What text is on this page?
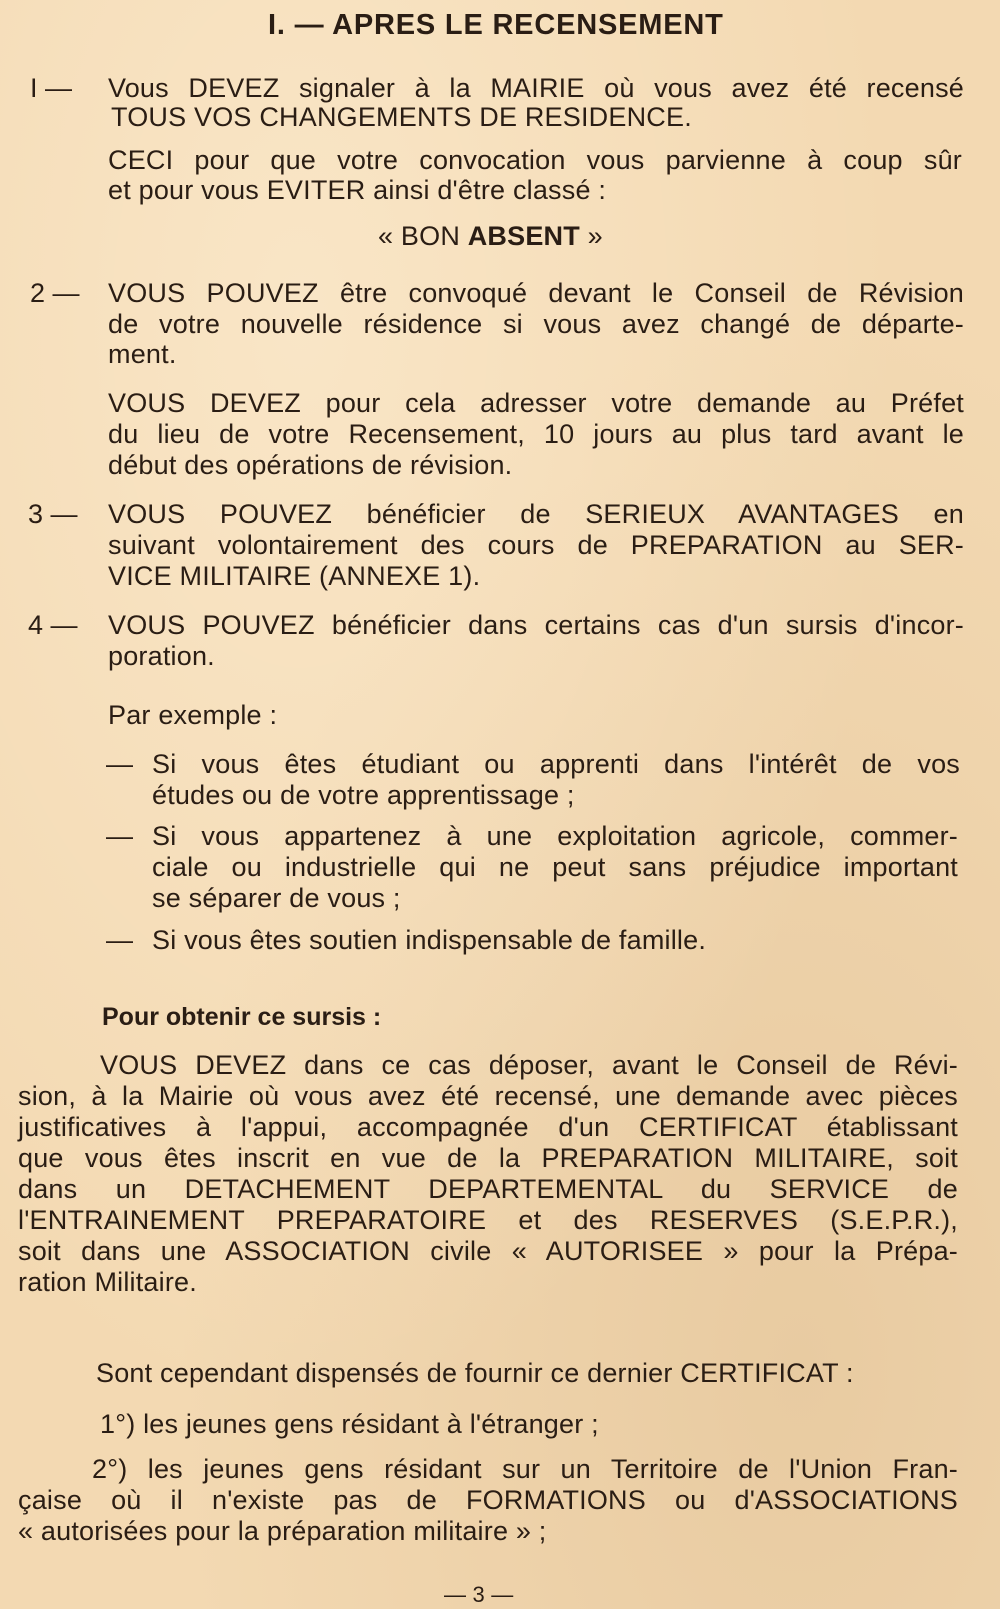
I. — APRES LE RECENSEMENT
I — Vous DEVEZ signaler à la MAIRIE où vous avez été recensé
TOUS VOS CHANGEMENTS DE RESIDENCE.
CECI pour que votre convocation vous parvienne à coup sûr
et pour vous EVITER ainsi d'être classé :
« BON ABSENT »
2 — VOUS POUVEZ être convoqué devant le Conseil de Révision
de votre nouvelle résidence si vous avez changé de départe-
ment.
VOUS DEVEZ pour cela adresser votre demande au Préfet
du lieu de votre Recensement, 10 jours au plus tard avant le
début des opérations de révision.
3 — VOUS POUVEZ bénéficier de SERIEUX AVANTAGES en
suivant volontairement des cours de PREPARATION au SER-
VICE MILITAIRE (ANNEXE 1).
4 — VOUS POUVEZ bénéficier dans certains cas d'un sursis d'incor-
poration.
Par exemple :
— Si vous êtes étudiant ou apprenti dans l'intérêt de vos
études ou de votre apprentissage ;
— Si vous appartenez à une exploitation agricole, commer-
ciale ou industrielle qui ne peut sans préjudice important
se séparer de vous ;
— Si vous êtes soutien indispensable de famille.
Pour obtenir ce sursis :
VOUS DEVEZ dans ce cas déposer, avant le Conseil de Révi-
sion, à la Mairie où vous avez été recensé, une demande avec pièces
justificatives à l'appui, accompagnée d'un CERTIFICAT établissant
que vous êtes inscrit en vue de la PREPARATION MILITAIRE, soit
dans un DETACHEMENT DEPARTEMENTAL du SERVICE de
l'ENTRAINEMENT PREPARATOIRE et des RESERVES (S.E.P.R.),
soit dans une ASSOCIATION civile « AUTORISEE » pour la Prépa-
ration Militaire.
Sont cependant dispensés de fournir ce dernier CERTIFICAT :
1°) les jeunes gens résidant à l'étranger ;
2°) les jeunes gens résidant sur un Territoire de l'Union Fran-
çaise où il n'existe pas de FORMATIONS ou d'ASSOCIATIONS
« autorisées pour la préparation militaire » ;
— 3 —
